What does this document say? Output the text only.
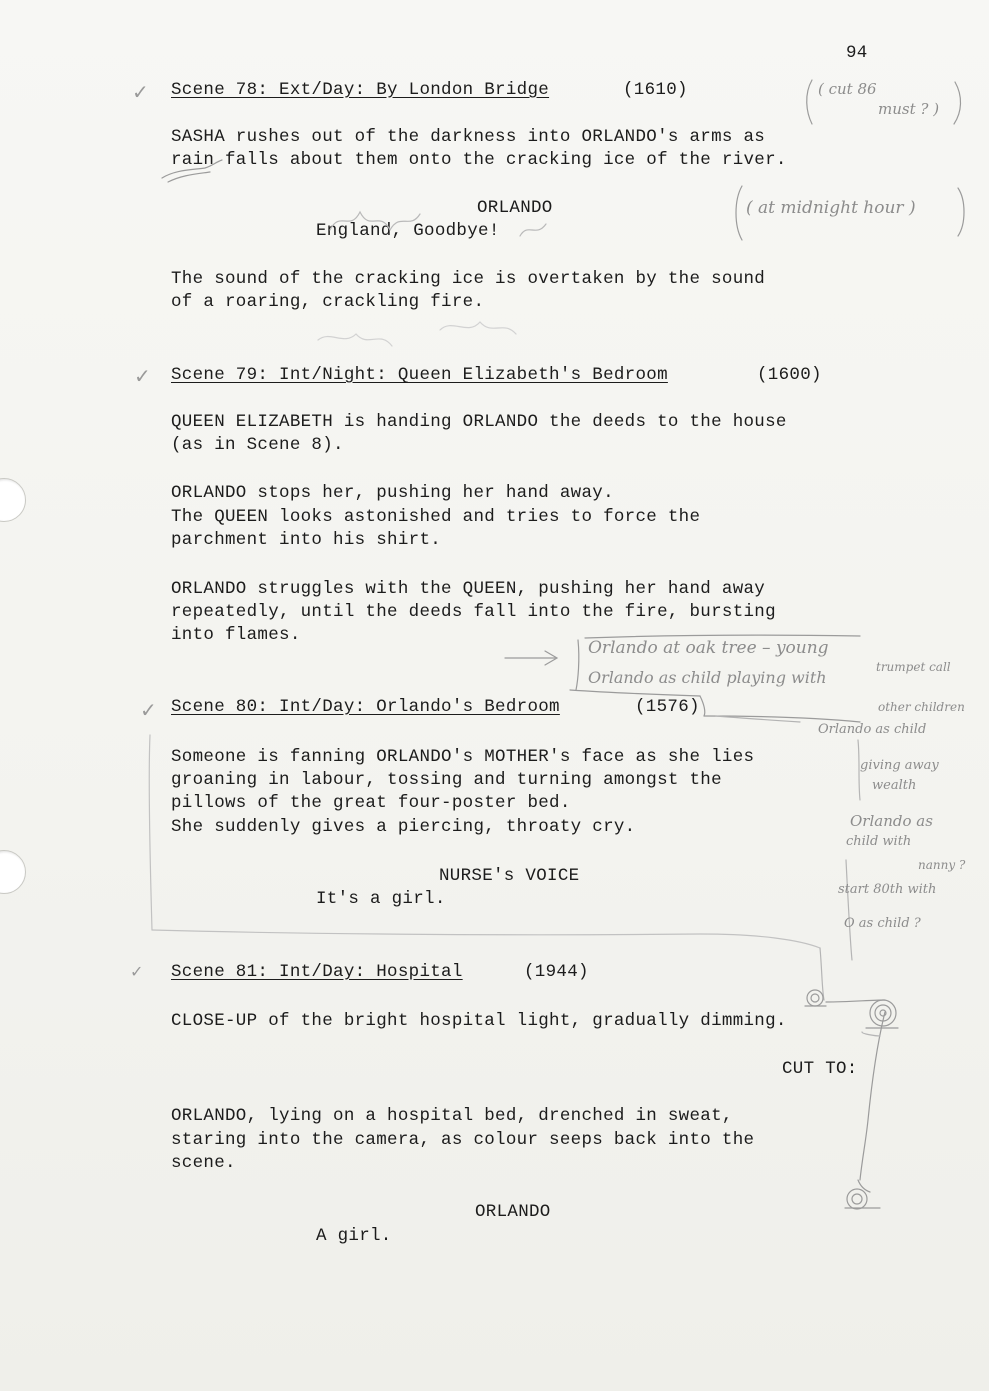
94
✓
✓
✓
✓
Scene 78: Ext/Day: By London Bridge	(1610)
SASHA rushes out of the darkness into ORLANDO's arms as
rain falls about them onto the cracking ice of the river.
ORLANDO
England, Goodbye!
The sound of the cracking ice is overtaken by the sound
of a roaring, crackling fire.
Scene 79: Int/Night: Queen Elizabeth's Bedroom	(1600)
QUEEN ELIZABETH is handing ORLANDO the deeds to the house
(as in Scene 8).
ORLANDO stops her, pushing her hand away.
The QUEEN looks astonished and tries to force the
parchment into his shirt.
ORLANDO struggles with the QUEEN, pushing her hand away
repeatedly, until the deeds fall into the fire, bursting
into flames.
Scene 80: Int/Day: Orlando's Bedroom	(1576)
Someone is fanning ORLANDO's MOTHER's face as she lies
groaning in labour, tossing and turning amongst the
pillows of the great four-poster bed.
She suddenly gives a piercing, throaty cry.
NURSE's VOICE
It's a girl.
Scene 81: Int/Day: Hospital	(1944)
CLOSE-UP of the bright hospital light, gradually dimming.
CUT TO:
ORLANDO, lying on a hospital bed, drenched in sweat,
staring into the camera, as colour seeps back into the
scene.
ORLANDO
A girl.
( cut 86
must ? )
( at midnight hour )
Orlando at oak tree – young
trumpet call
Orlando as child playing with
other children
Orlando as child
giving away
wealth
Orlando as
child with
nanny ?
start 80th with
O as child ?
